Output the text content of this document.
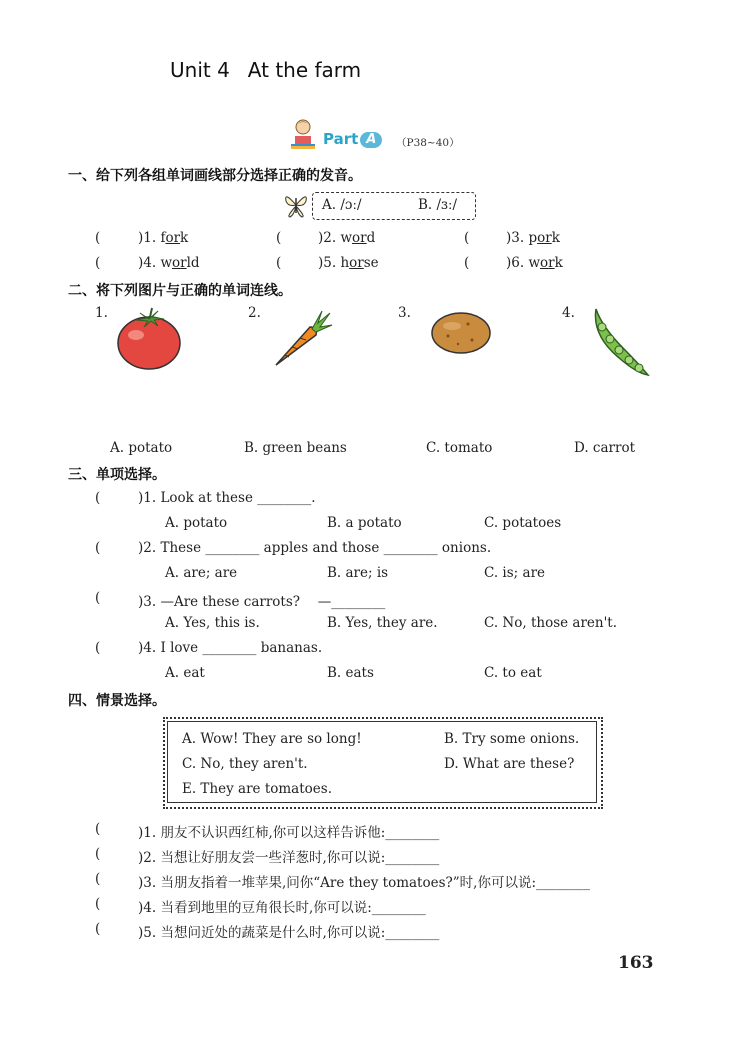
Unit 4 At the farm
Part A	（P38~40）
一、给下列各组单词画线部分选择正确的发音。
A. /ɔː/	B. /ɜː/
(	)1. fork	(	)2. word	(	)3. pork
(	)4. world	(	)5. horse	(	)6. work
二、将下列图片与正确的单词连线。
1.	2.	3.	4.
A. potato	B. green beans	C. tomato	D. carrot
三、单项选择。
(	)1. Look at these ________.
A. potato	B. a potato	C. potatoes
(	)2. These ________ apples and those ________ onions.
A. are; are	B. are; is	C. is; are
(	)3. —Are these carrots?　 —________
A. Yes, this is.	B. Yes, they are.	C. No, those aren't.
(	)4. I love ________ bananas.
A. eat	B. eats	C. to eat
四、情景选择。
A. Wow! They are so long!	B. Try some onions.
C. No, they aren't.	D. What are these?
E. They are tomatoes.
(	)1. 朋友不认识西红柿,你可以这样告诉他:________
(	)2. 当想让好朋友尝一些洋葱时,你可以说:________
(	)3. 当朋友指着一堆苹果,问你“Are they tomatoes?”时,你可以说:________
(	)4. 当看到地里的豆角很长时,你可以说:________
(	)5. 当想问近处的蔬菜是什么时,你可以说:________
163
